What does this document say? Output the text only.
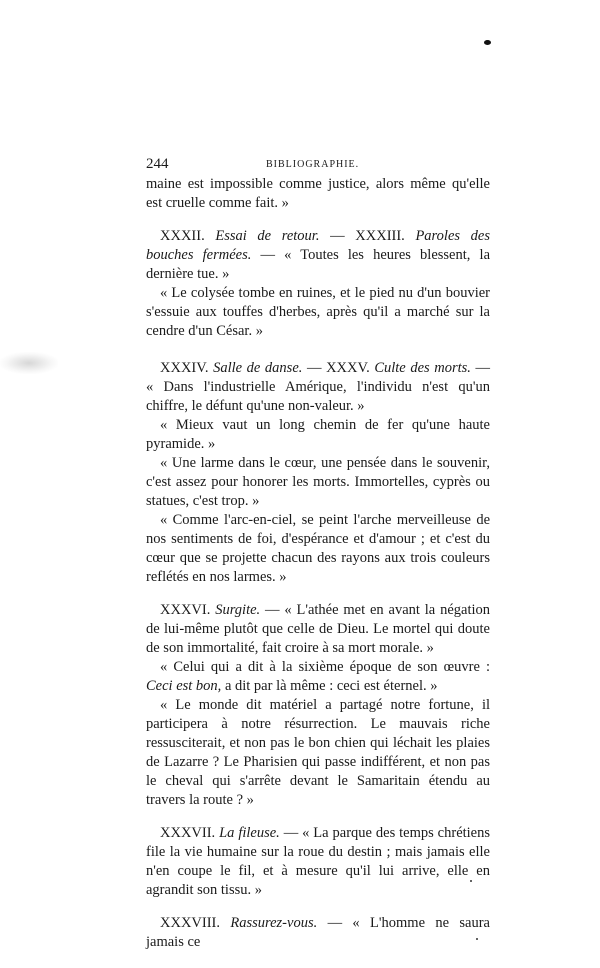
244	BIBLIOGRAPHIE.

maine est impossible comme justice, alors même qu'elle est cruelle comme fait. »

XXXII. Essai de retour. — XXXIII. Paroles des bouches fermées. — « Toutes les heures blessent, la dernière tue. »

« Le colysée tombe en ruines, et le pied nu d'un bouvier s'essuie aux touffes d'herbes, après qu'il a marché sur la cendre d'un César. »

XXXIV. Salle de danse. — XXXV. Culte des morts. — « Dans l'industrielle Amérique, l'individu n'est qu'un chiffre, le défunt qu'une non-valeur. »

« Mieux vaut un long chemin de fer qu'une haute pyramide. »

« Une larme dans le cœur, une pensée dans le souvenir, c'est assez pour honorer les morts. Immortelles, cyprès ou statues, c'est trop. »

« Comme l'arc-en-ciel, se peint l'arche merveilleuse de nos sentiments de foi, d'espérance et d'amour ; et c'est du cœur que se projette chacun des rayons aux trois couleurs reflétés en nos larmes. »

XXXVI. Surgite. — « L'athée met en avant la négation de lui-même plutôt que celle de Dieu. Le mortel qui doute de son immortalité, fait croire à sa mort morale. »

« Celui qui a dit à la sixième époque de son œuvre : Ceci est bon, a dit par là même : ceci est éternel. »

« Le monde dit matériel a partagé notre fortune, il participera à notre résurrection. Le mauvais riche ressusciterait, et non pas le bon chien qui léchait les plaies de Lazarre ? Le Pharisien qui passe indifférent, et non pas le cheval qui s'arrête devant le Samaritain étendu au travers la route ? »

XXXVII. La fileuse. — « La parque des temps chrétiens file la vie humaine sur la roue du destin ; mais jamais elle n'en coupe le fil, et à mesure qu'il lui arrive, elle en agrandit son tissu. »

XXXVIII. Rassurez-vous. — « L'homme ne saura jamais ce
